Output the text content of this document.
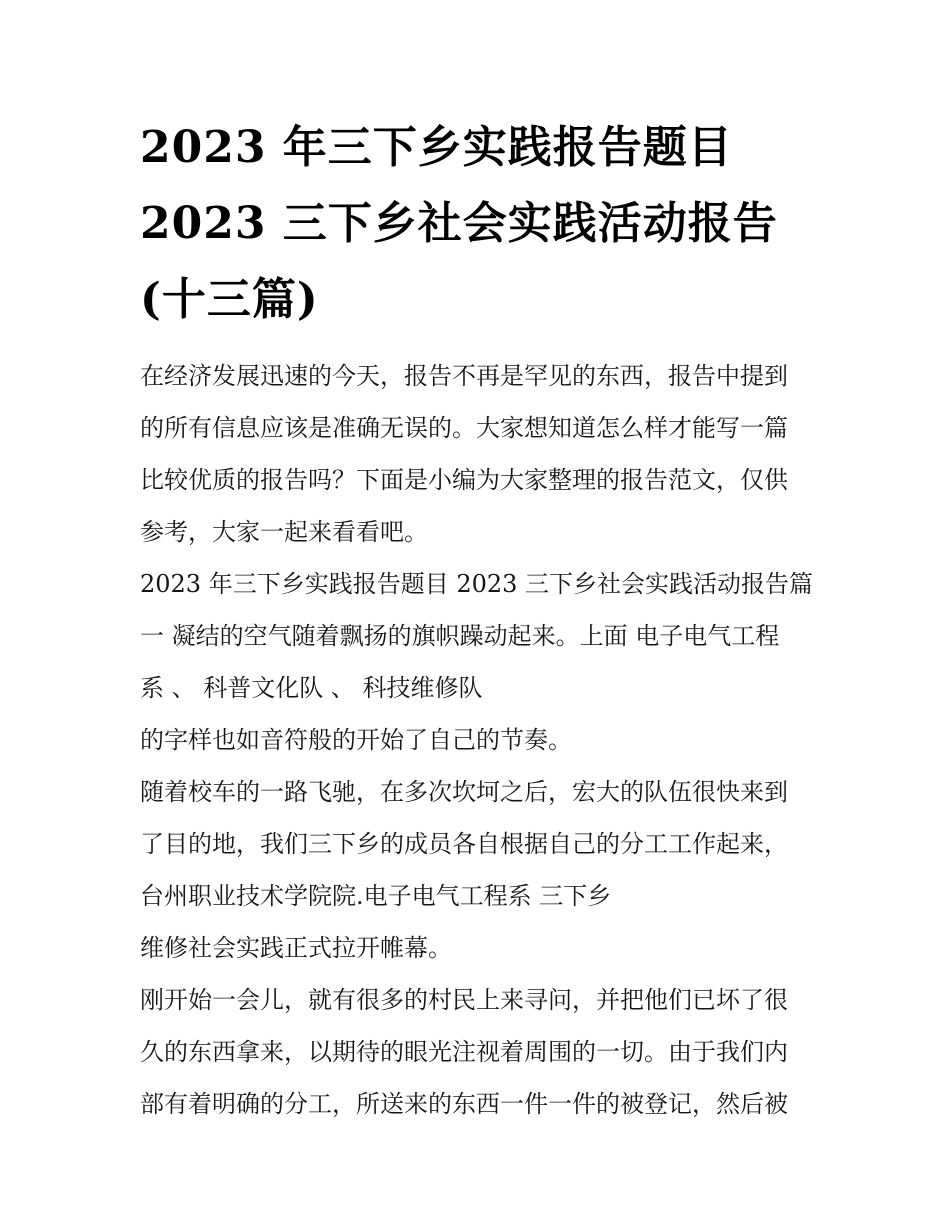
2023 年三下乡实践报告题目
2023 三下乡社会实践活动报告
(十三篇)
在经济发展迅速的今天，报告不再是罕见的东西，报告中提到
的所有信息应该是准确无误的。大家想知道怎么样才能写一篇
比较优质的报告吗？下面是小编为大家整理的报告范文，仅供
参考，大家一起来看看吧。
2023 年三下乡实践报告题目 2023 三下乡社会实践活动报告篇
一 凝结的空气随着飘扬的旗帜躁动起来。上面 电子电气工程
系 、 科普文化队 、 科技维修队
的字样也如音符般的开始了自己的节奏。
随着校车的一路飞驰，在多次坎坷之后，宏大的队伍很快来到
了目的地，我们三下乡的成员各自根据自己的分工工作起来，
台州职业技术学院院.电子电气工程系 三下乡
维修社会实践正式拉开帷幕。
刚开始一会儿，就有很多的村民上来寻问，并把他们已坏了很
久的东西拿来，以期待的眼光注视着周围的一切。由于我们内
部有着明确的分工，所送来的东西一件一件的被登记，然后被
